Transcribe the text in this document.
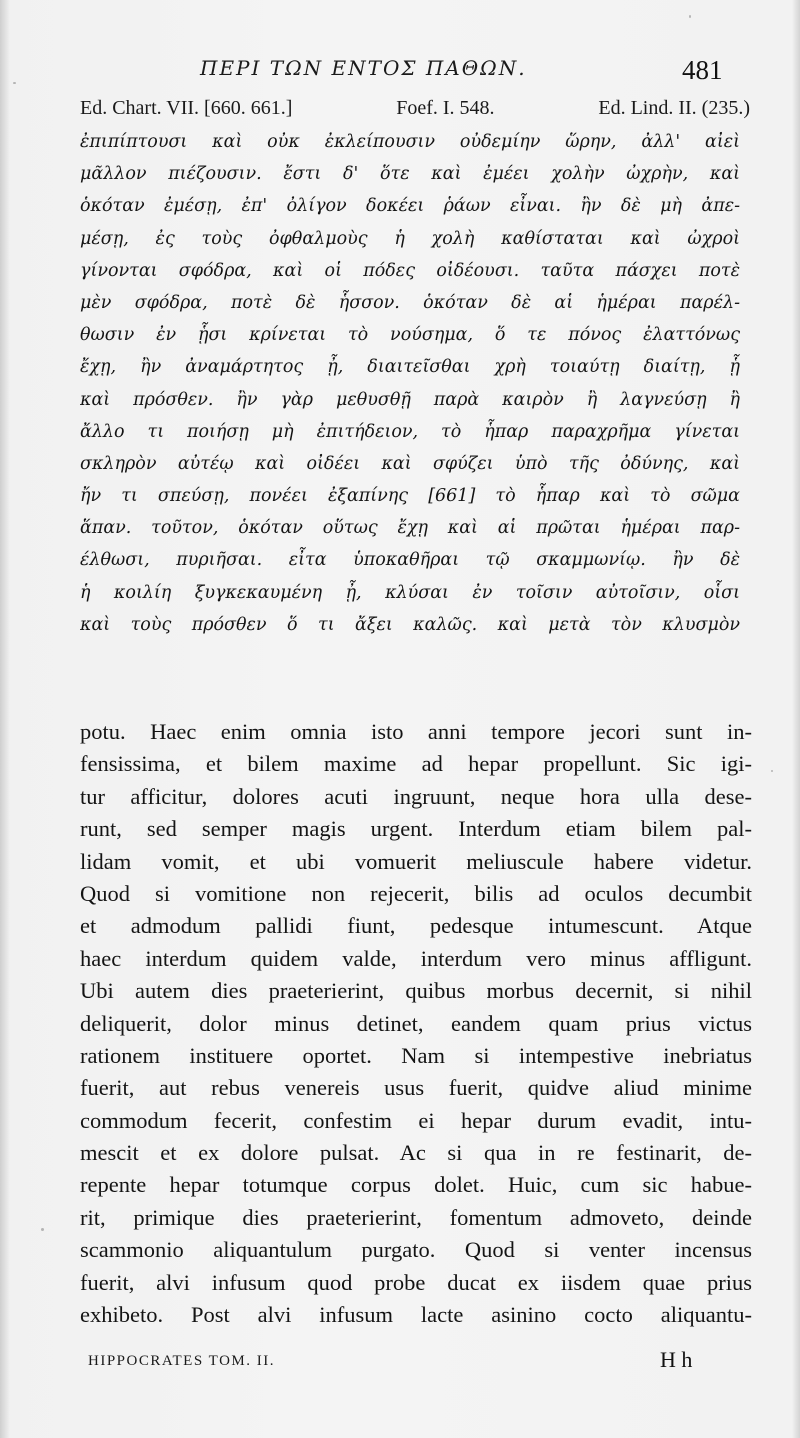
ΠΕΡΙ ΤΩΝ ΕΝΤΟΣ ΠΑΘΩΝ.	481
Ed. Chart. VII. [660. 661.]	Foef. I. 548.	Ed. Lind. II. (235.)
ἐπιπίπτουσι καὶ οὐκ ἐκλείπουσιν οὐδεμίην ὥρην, ἀλλ' αἰεὶ
μᾶλλον πιέζουσιν. ἔστι δ' ὅτε καὶ ἐμέει χολὴν ὠχρὴν, καὶ
ὁκόταν ἐμέσῃ, ἐπ' ὀλίγον δοκέει ῥάων εἶναι. ἢν δὲ μὴ ἀπε-
μέσῃ, ἐς τοὺς ὀφθαλμοὺς ἡ χολὴ καθίσταται καὶ ὠχροὶ
γίνονται σφόδρα, καὶ οἱ πόδες οἰδέουσι. ταῦτα πάσχει ποτὲ
μὲν σφόδρα, ποτὲ δὲ ἧσσον. ὁκόταν δὲ αἱ ἡμέραι παρέλ-
θωσιν ἐν ᾗσι κρίνεται τὸ νούσημα, ὅ τε πόνος ἐλαττόνως
ἔχῃ, ἢν ἀναμάρτητος ᾖ, διαιτεῖσθαι χρὴ τοιαύτῃ διαίτῃ, ᾗ
καὶ πρόσθεν. ἢν γὰρ μεθυσθῇ παρὰ καιρὸν ἢ λαγνεύσῃ ἢ
ἄλλο τι ποιήσῃ μὴ ἐπιτήδειον, τὸ ἧπαρ παραχρῆμα γίνεται
σκληρὸν αὐτέῳ καὶ οἰδέει καὶ σφύζει ὑπὸ τῆς ὀδύνης, καὶ
ἤν τι σπεύσῃ, πονέει ἐξαπίνης [661] τὸ ἧπαρ καὶ τὸ σῶμα
ἅπαν. τοῦτον, ὁκόταν οὕτως ἔχῃ καὶ αἱ πρῶται ἡμέραι παρ-
έλθωσι, πυριῆσαι. εἶτα ὑποκαθῆραι τῷ σκαμμωνίῳ. ἢν δὲ
ἡ κοιλίη ξυγκεκαυμένη ᾖ, κλύσαι ἐν τοῖσιν αὐτοῖσιν, οἷσι
καὶ τοὺς πρόσθεν ὅ τι ἄξει καλῶς. καὶ μετὰ τὸν κλυσμὸν
potu. Haec enim omnia isto anni tempore jecori sunt in-
fensissima, et bilem maxime ad hepar propellunt. Sic igi-
tur afficitur, dolores acuti ingruunt, neque hora ulla dese-
runt, sed semper magis urgent. Interdum etiam bilem pal-
lidam vomit, et ubi vomuerit meliuscule habere videtur.
Quod si vomitione non rejecerit, bilis ad oculos decumbit
et admodum pallidi fiunt, pedesque intumescunt. Atque
haec interdum quidem valde, interdum vero minus affligunt.
Ubi autem dies praeterierint, quibus morbus decernit, si nihil
deliquerit, dolor minus detinet, eandem quam prius victus
rationem instituere oportet. Nam si intempestive inebriatus
fuerit, aut rebus venereis usus fuerit, quidve aliud minime
commodum fecerit, confestim ei hepar durum evadit, intu-
mescit et ex dolore pulsat. Ac si qua in re festinarit, de-
repente hepar totumque corpus dolet. Huic, cum sic habue-
rit, primique dies praeterierint, fomentum admoveto, deinde
scammonio aliquantulum purgato. Quod si venter incensus
fuerit, alvi infusum quod probe ducat ex iisdem quae prius
exhibeto. Post alvi infusum lacte asinino cocto aliquantu-
HIPPOCRATES TOM. II.	H h
